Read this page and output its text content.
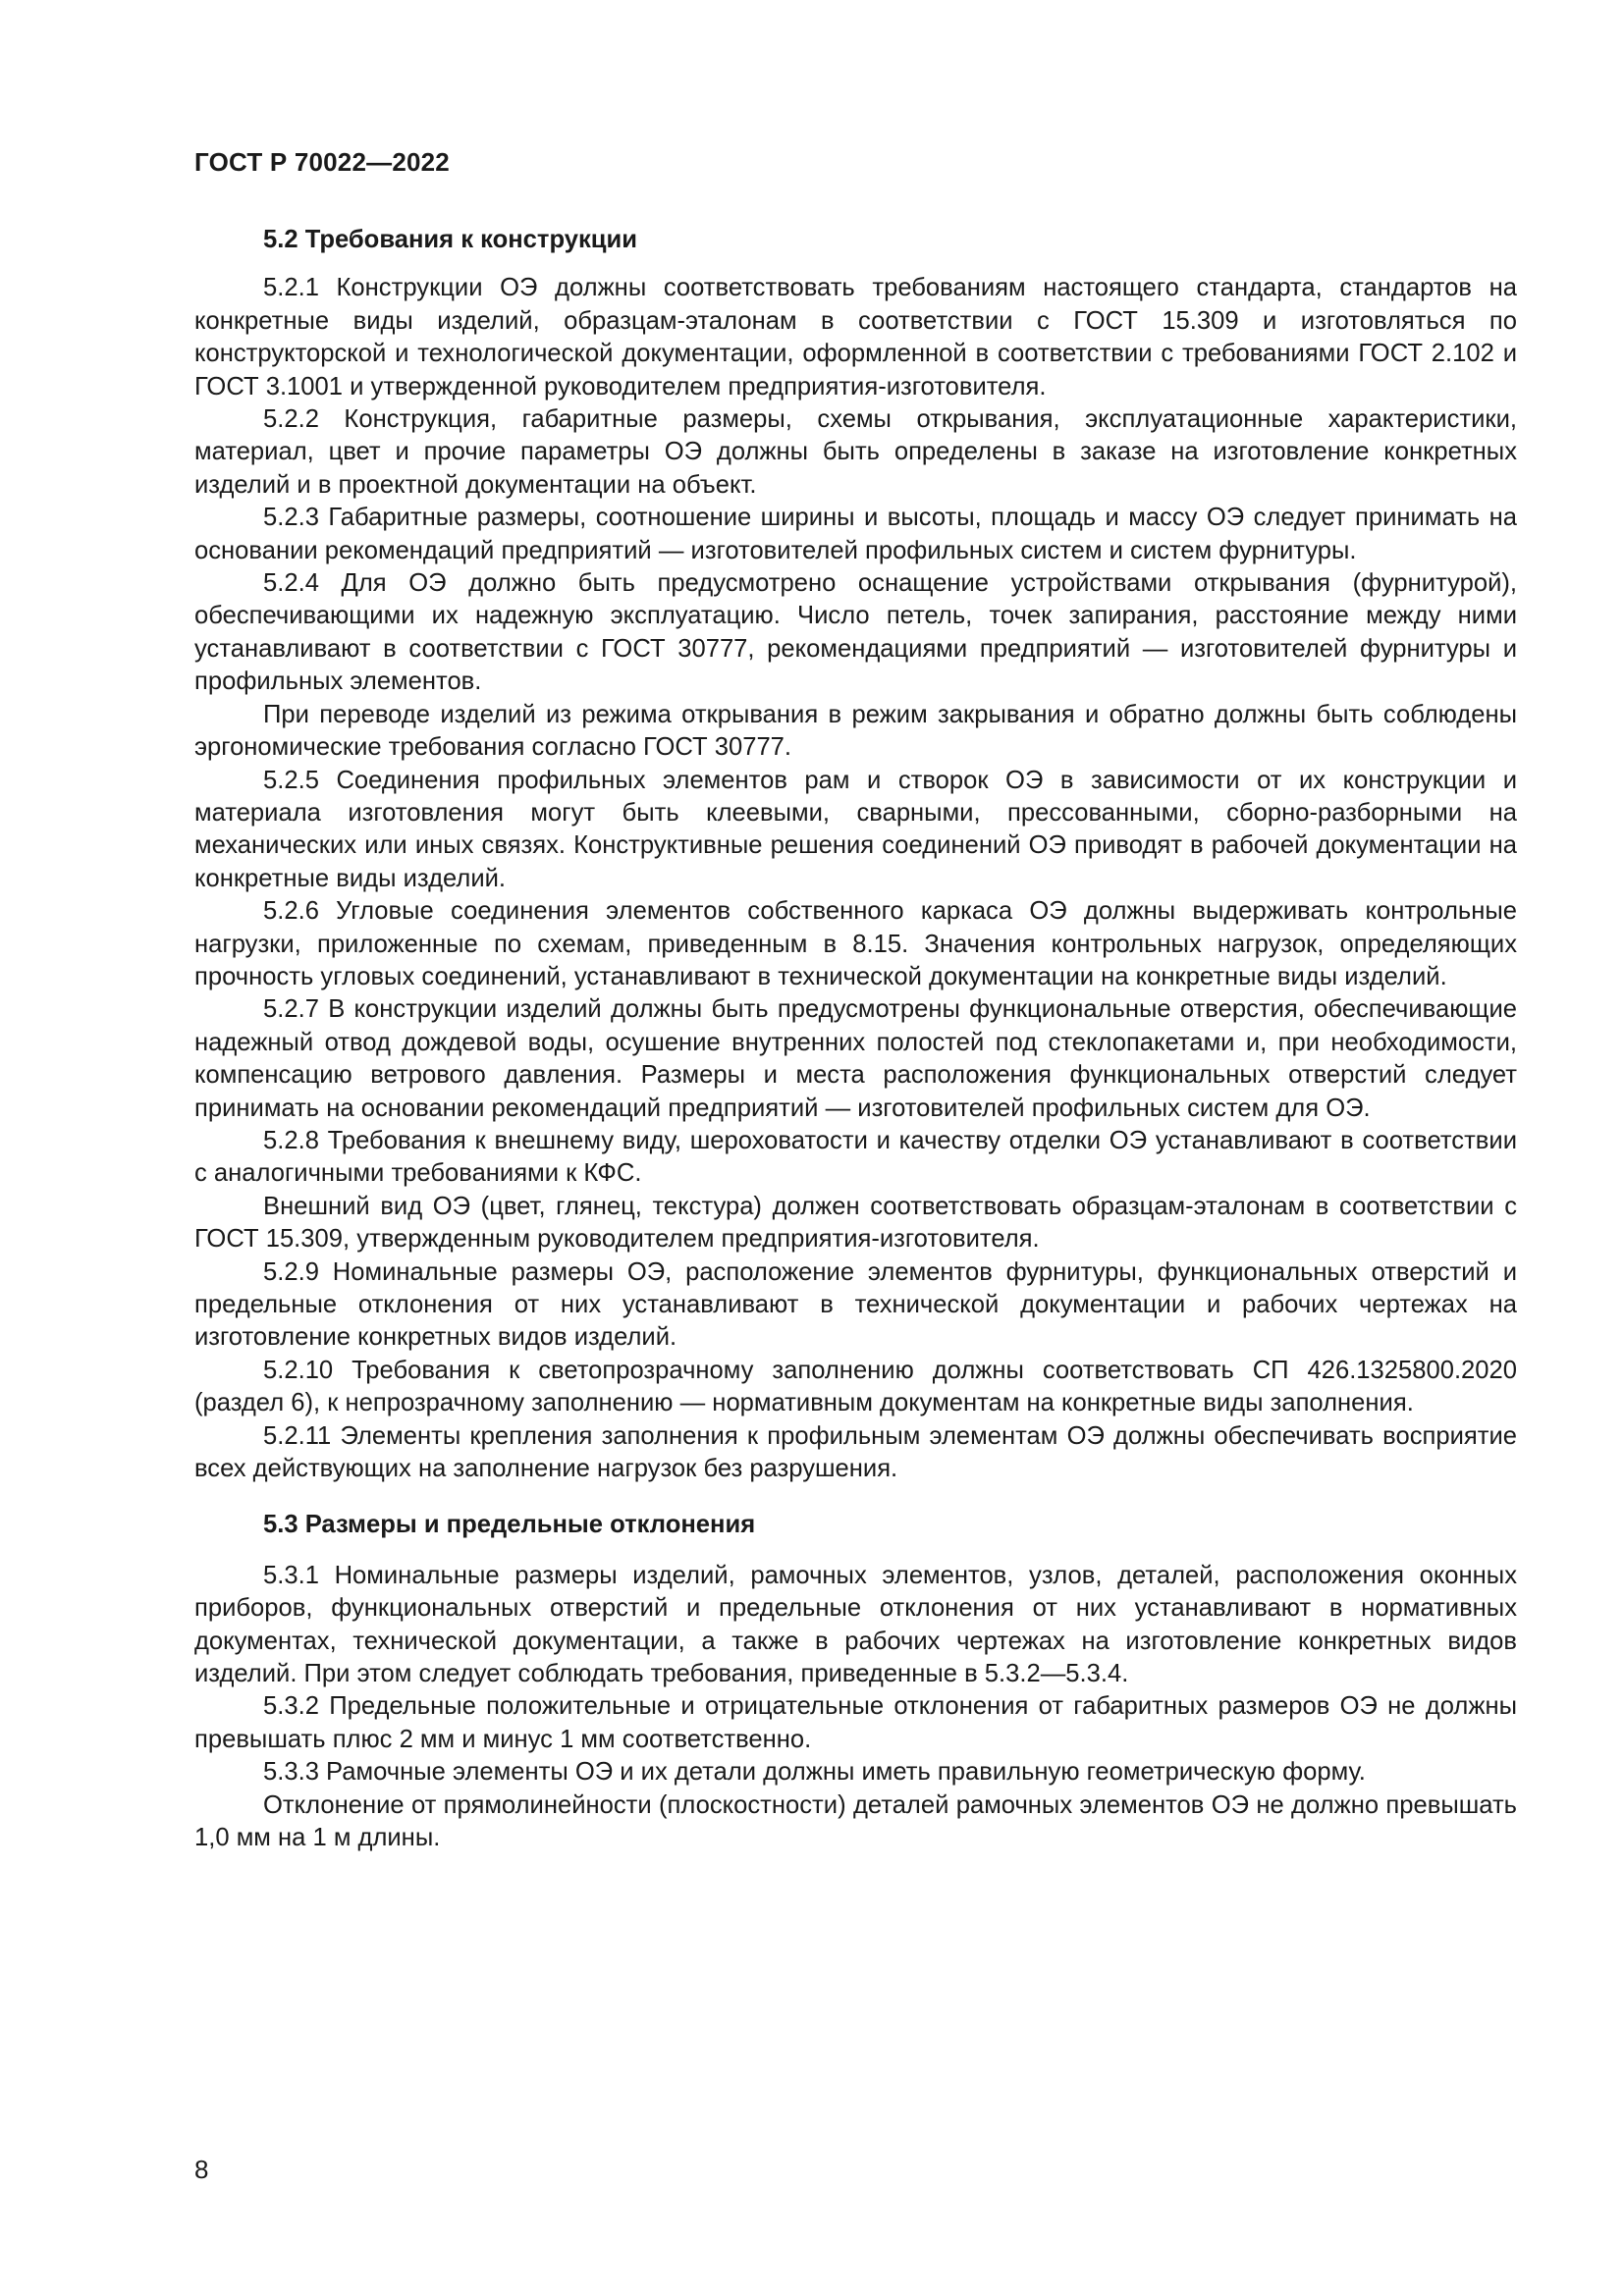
ГОСТ Р 70022—2022

5.2 Требования к конструкции

5.2.1 Конструкции ОЭ должны соответствовать требованиям настоящего стандарта, стандартов на конкретные виды изделий, образцам-эталонам в соответствии с ГОСТ 15.309 и изготовляться по конструкторской и технологической документации, оформленной в соответствии с требованиями ГОСТ 2.102 и ГОСТ 3.1001 и утвержденной руководителем предприятия-изготовителя.

5.2.2 Конструкция, габаритные размеры, схемы открывания, эксплуатационные характеристики, материал, цвет и прочие параметры ОЭ должны быть определены в заказе на изготовление конкретных изделий и в проектной документации на объект.

5.2.3 Габаритные размеры, соотношение ширины и высоты, площадь и массу ОЭ следует принимать на основании рекомендаций предприятий — изготовителей профильных систем и систем фурнитуры.

5.2.4 Для ОЭ должно быть предусмотрено оснащение устройствами открывания (фурнитурой), обеспечивающими их надежную эксплуатацию. Число петель, точек запирания, расстояние между ними устанавливают в соответствии с ГОСТ 30777, рекомендациями предприятий — изготовителей фурнитуры и профильных элементов.

При переводе изделий из режима открывания в режим закрывания и обратно должны быть соблюдены эргономические требования согласно ГОСТ 30777.

5.2.5 Соединения профильных элементов рам и створок ОЭ в зависимости от их конструкции и материала изготовления могут быть клеевыми, сварными, прессованными, сборно-разборными на механических или иных связях. Конструктивные решения соединений ОЭ приводят в рабочей документации на конкретные виды изделий.

5.2.6 Угловые соединения элементов собственного каркаса ОЭ должны выдерживать контрольные нагрузки, приложенные по схемам, приведенным в 8.15. Значения контрольных нагрузок, определяющих прочность угловых соединений, устанавливают в технической документации на конкретные виды изделий.

5.2.7 В конструкции изделий должны быть предусмотрены функциональные отверстия, обеспечивающие надежный отвод дождевой воды, осушение внутренних полостей под стеклопакетами и, при необходимости, компенсацию ветрового давления. Размеры и места расположения функциональных отверстий следует принимать на основании рекомендаций предприятий — изготовителей профильных систем для ОЭ.

5.2.8 Требования к внешнему виду, шероховатости и качеству отделки ОЭ устанавливают в соответствии с аналогичными требованиями к КФС.

Внешний вид ОЭ (цвет, глянец, текстура) должен соответствовать образцам-эталонам в соответствии с ГОСТ 15.309, утвержденным руководителем предприятия-изготовителя.

5.2.9 Номинальные размеры ОЭ, расположение элементов фурнитуры, функциональных отверстий и предельные отклонения от них устанавливают в технической документации и рабочих чертежах на изготовление конкретных видов изделий.

5.2.10 Требования к светопрозрачному заполнению должны соответствовать СП 426.1325800.2020 (раздел 6), к непрозрачному заполнению — нормативным документам на конкретные виды заполнения.

5.2.11 Элементы крепления заполнения к профильным элементам ОЭ должны обеспечивать восприятие всех действующих на заполнение нагрузок без разрушения.

5.3 Размеры и предельные отклонения

5.3.1 Номинальные размеры изделий, рамочных элементов, узлов, деталей, расположения оконных приборов, функциональных отверстий и предельные отклонения от них устанавливают в нормативных документах, технической документации, а также в рабочих чертежах на изготовление конкретных видов изделий. При этом следует соблюдать требования, приведенные в 5.3.2—5.3.4.

5.3.2 Предельные положительные и отрицательные отклонения от габаритных размеров ОЭ не должны превышать плюс 2 мм и минус 1 мм соответственно.

5.3.3 Рамочные элементы ОЭ и их детали должны иметь правильную геометрическую форму.

Отклонение от прямолинейности (плоскостности) деталей рамочных элементов ОЭ не должно превышать 1,0 мм на 1 м длины.

8
